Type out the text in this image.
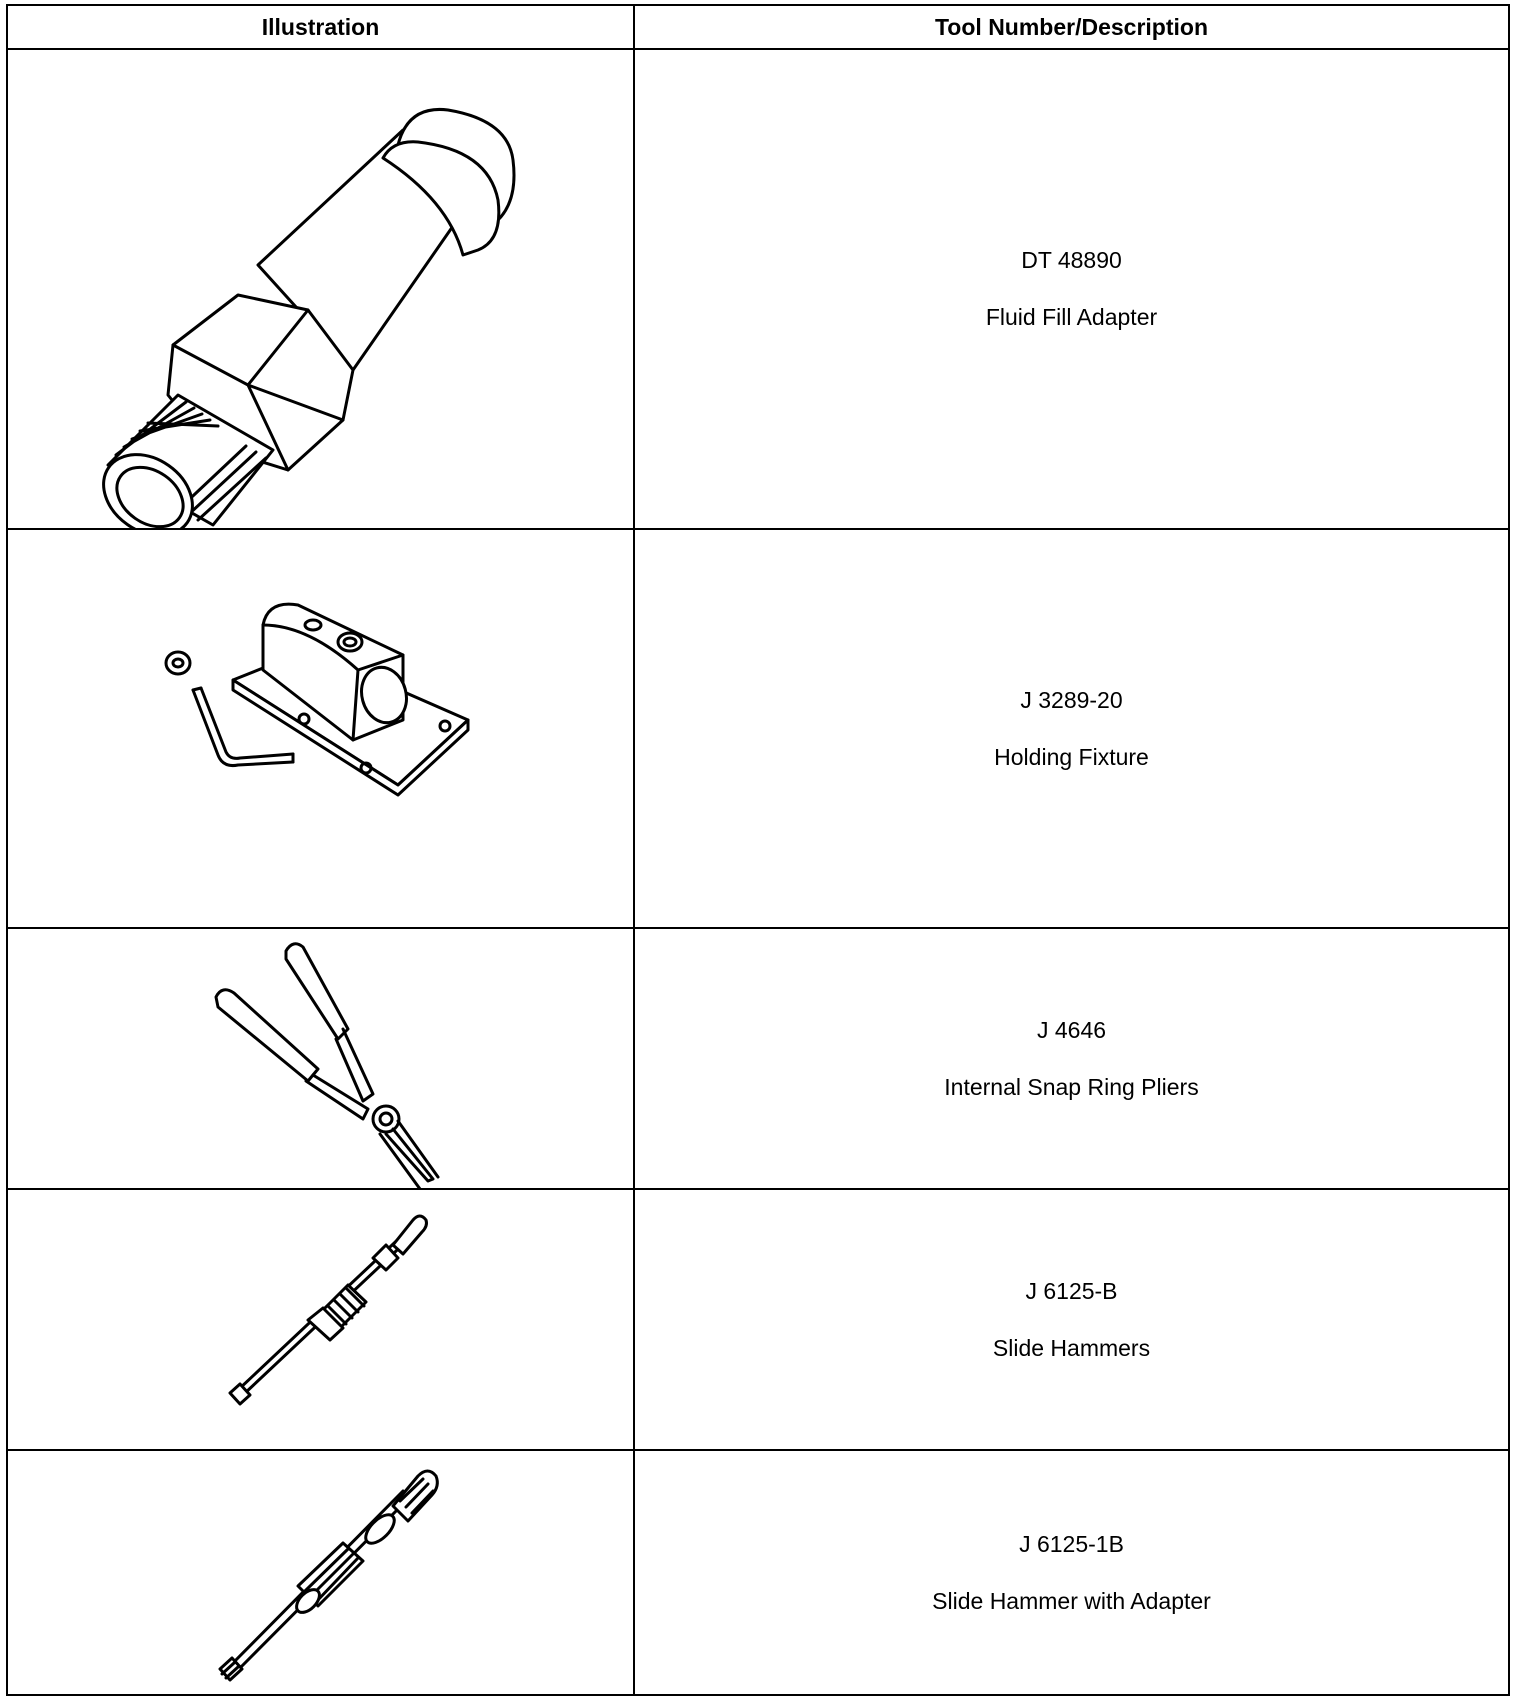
Illustration	Tool Number/Description

DT 48890
Fluid Fill Adapter

J 3289-20
Holding Fixture

J 4646
Internal Snap Ring Pliers

J 6125-B
Slide Hammers

J 6125-1B
Slide Hammer with Adapter
